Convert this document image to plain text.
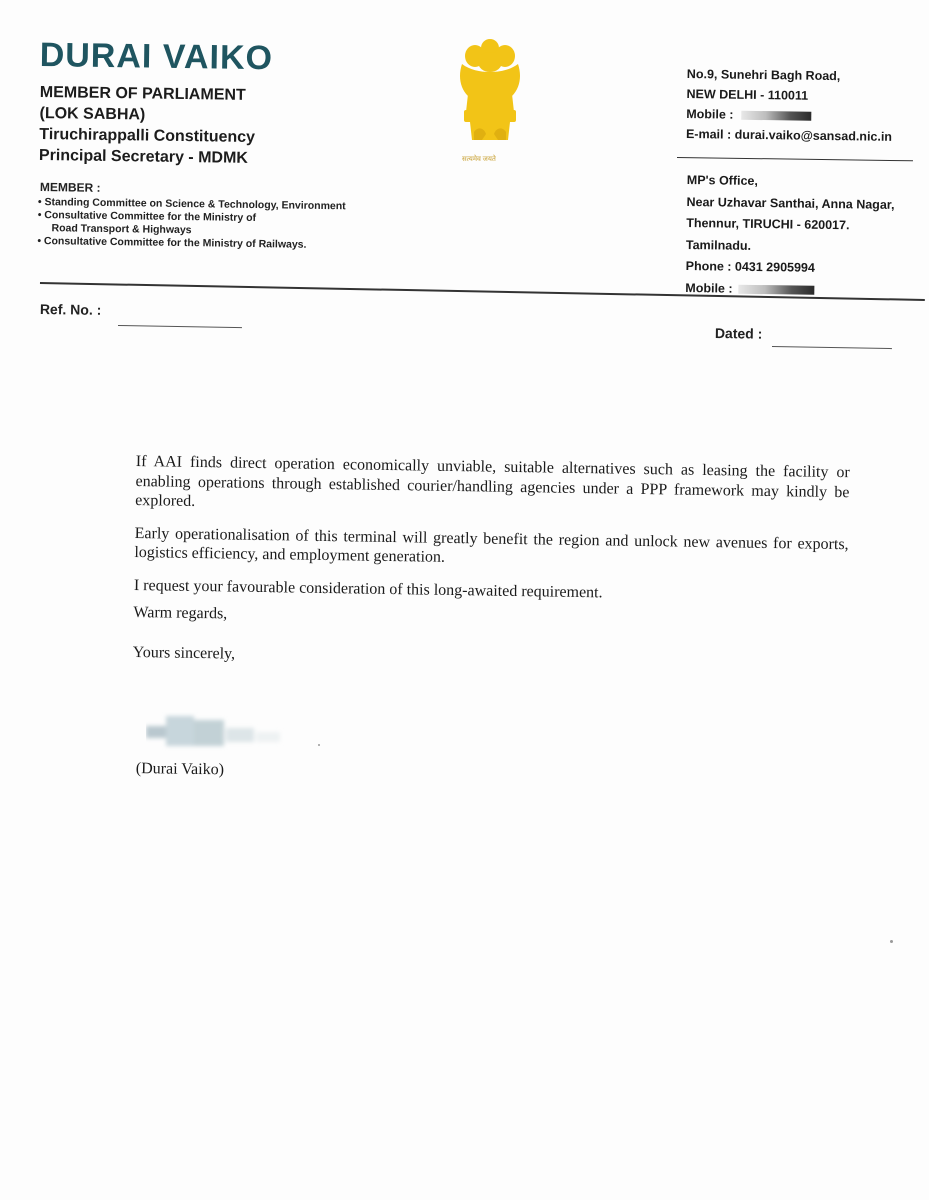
DURAI VAIKO
MEMBER OF PARLIAMENT
(LOK SABHA)
Tiruchirappalli Constituency
Principal Secretary - MDMK
MEMBER :
• Standing Committee on Science & Technology, Environment
• Consultative Committee for the Ministry of
Road Transport & Highways
• Consultative Committee for the Ministry of Railways.
सत्यमेव जयते
No.9, Sunehri Bagh Road,
NEW DELHI - 110011
Mobile :
E-mail : durai.vaiko@sansad.nic.in
MP's Office,
Near Uzhavar Santhai, Anna Nagar,
Thennur, TIRUCHI - 620017.
Tamilnadu.
Phone : 0431 2905994
Mobile :
Ref. No. :
Dated :

If AAI finds direct operation economically unviable, suitable alternatives such as leasing the facility or enabling operations through established courier/handling agencies under a PPP framework may kindly be explored.

Early operationalisation of this terminal will greatly benefit the region and unlock new avenues for exports, logistics efficiency, and employment generation.

I request your favourable consideration of this long-awaited requirement.

Warm regards,

Yours sincerely,

(Durai Vaiko)
